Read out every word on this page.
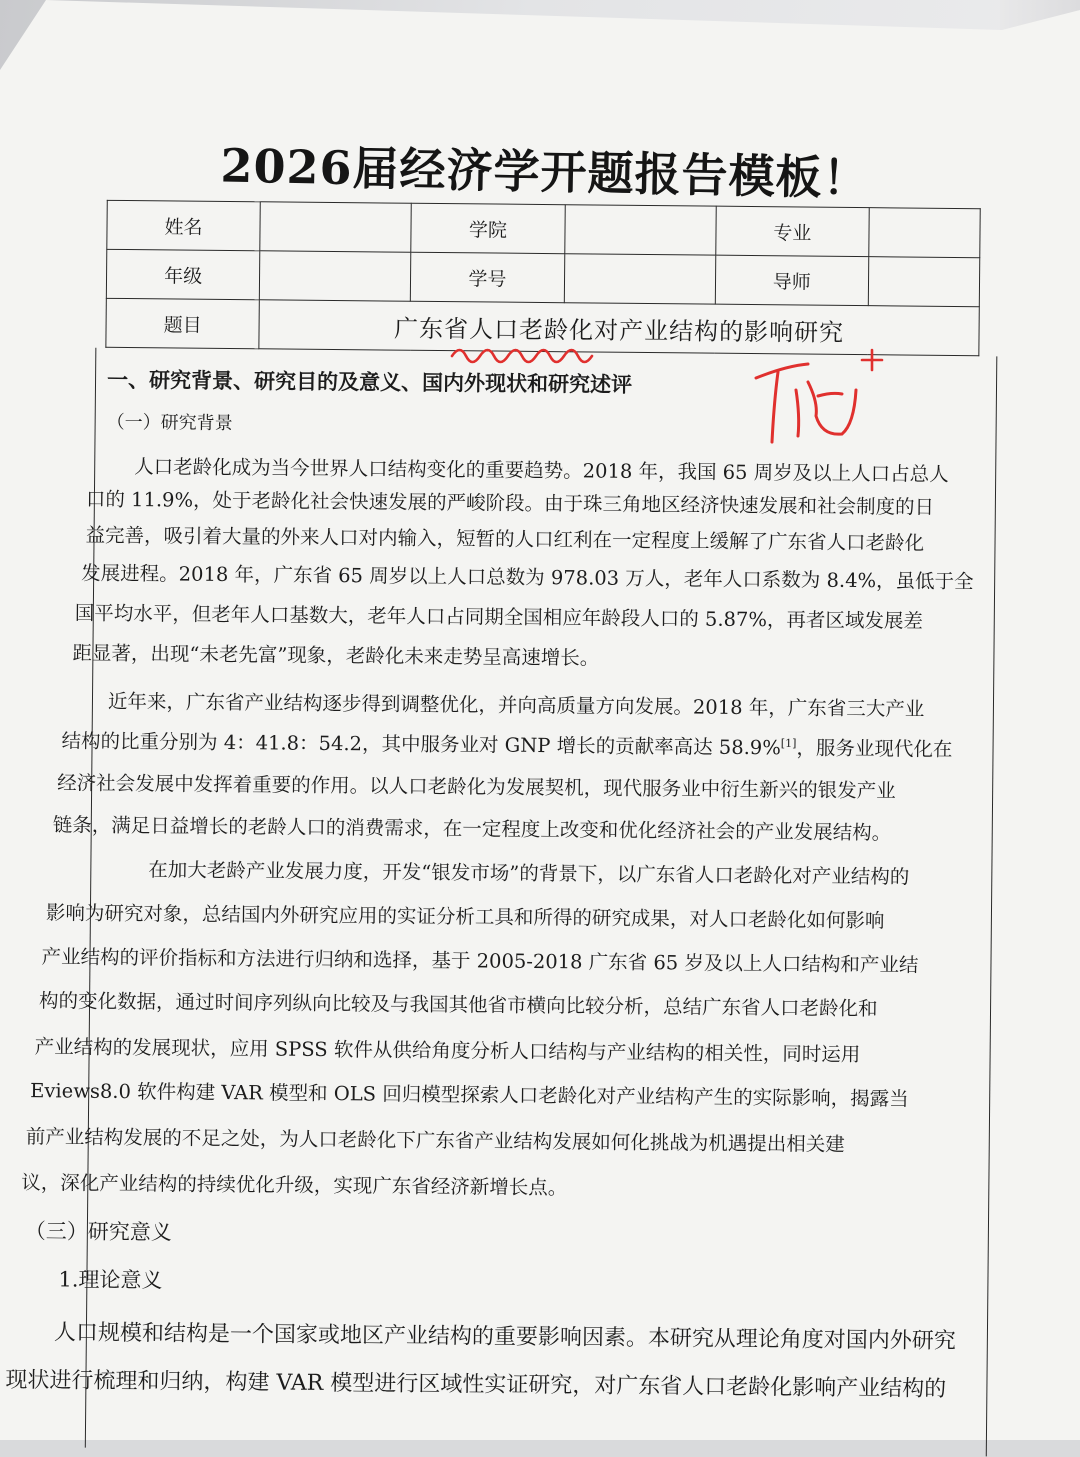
2026届经济学开题报告模板！
姓名		学院		专业	
年级		学号		导师	
题目	广东省人口老龄化对产业结构的影响研究				
一、研究背景、研究目的及意义、国内外现状和研究述评
（一）研究背景
人口老龄化成为当今世界人口结构变化的重要趋势。2018 年，我国 65 周岁及以上人口占总人
口的 11.9%，处于老龄化社会快速发展的严峻阶段。由于珠三角地区经济快速发展和社会制度的日
益完善，吸引着大量的外来人口对内输入，短暂的人口红利在一定程度上缓解了广东省人口老龄化
发展进程。2018 年，广东省 65 周岁以上人口总数为 978.03 万人，老年人口系数为 8.4%，虽低于全
国平均水平，但老年人口基数大，老年人口占同期全国相应年龄段人口的 5.87%，再者区域发展差
距显著，出现“未老先富”现象，老龄化未来走势呈高速增长。
近年来，广东省产业结构逐步得到调整优化，并向高质量方向发展。2018 年，广东省三大产业
结构的比重分别为 4：41.8：54.2，其中服务业对 GNP 增长的贡献率高达 58.9%[1]，服务业现代化在
经济社会发展中发挥着重要的作用。以人口老龄化为发展契机，现代服务业中衍生新兴的银发产业
链条，满足日益增长的老龄人口的消费需求，在一定程度上改变和优化经济社会的产业发展结构。
在加大老龄产业发展力度，开发“银发市场”的背景下，以广东省人口老龄化对产业结构的
影响为研究对象，总结国内外研究应用的实证分析工具和所得的研究成果，对人口老龄化如何影响
产业结构的评价指标和方法进行归纳和选择，基于 2005-2018 广东省 65 岁及以上人口结构和产业结
构的变化数据，通过时间序列纵向比较及与我国其他省市横向比较分析，总结广东省人口老龄化和
产业结构的发展现状，应用 SPSS 软件从供给角度分析人口结构与产业结构的相关性，同时运用
Eviews8.0 软件构建 VAR 模型和 OLS 回归模型探索人口老龄化对产业结构产生的实际影响，揭露当
前产业结构发展的不足之处，为人口老龄化下广东省产业结构发展如何化挑战为机遇提出相关建
议，深化产业结构的持续优化升级，实现广东省经济新增长点。
（三）研究意义
1.理论意义
人口规模和结构是一个国家或地区产业结构的重要影响因素。本研究从理论角度对国内外研究
现状进行梳理和归纳，构建 VAR 模型进行区域性实证研究，对广东省人口老龄化影响产业结构的
